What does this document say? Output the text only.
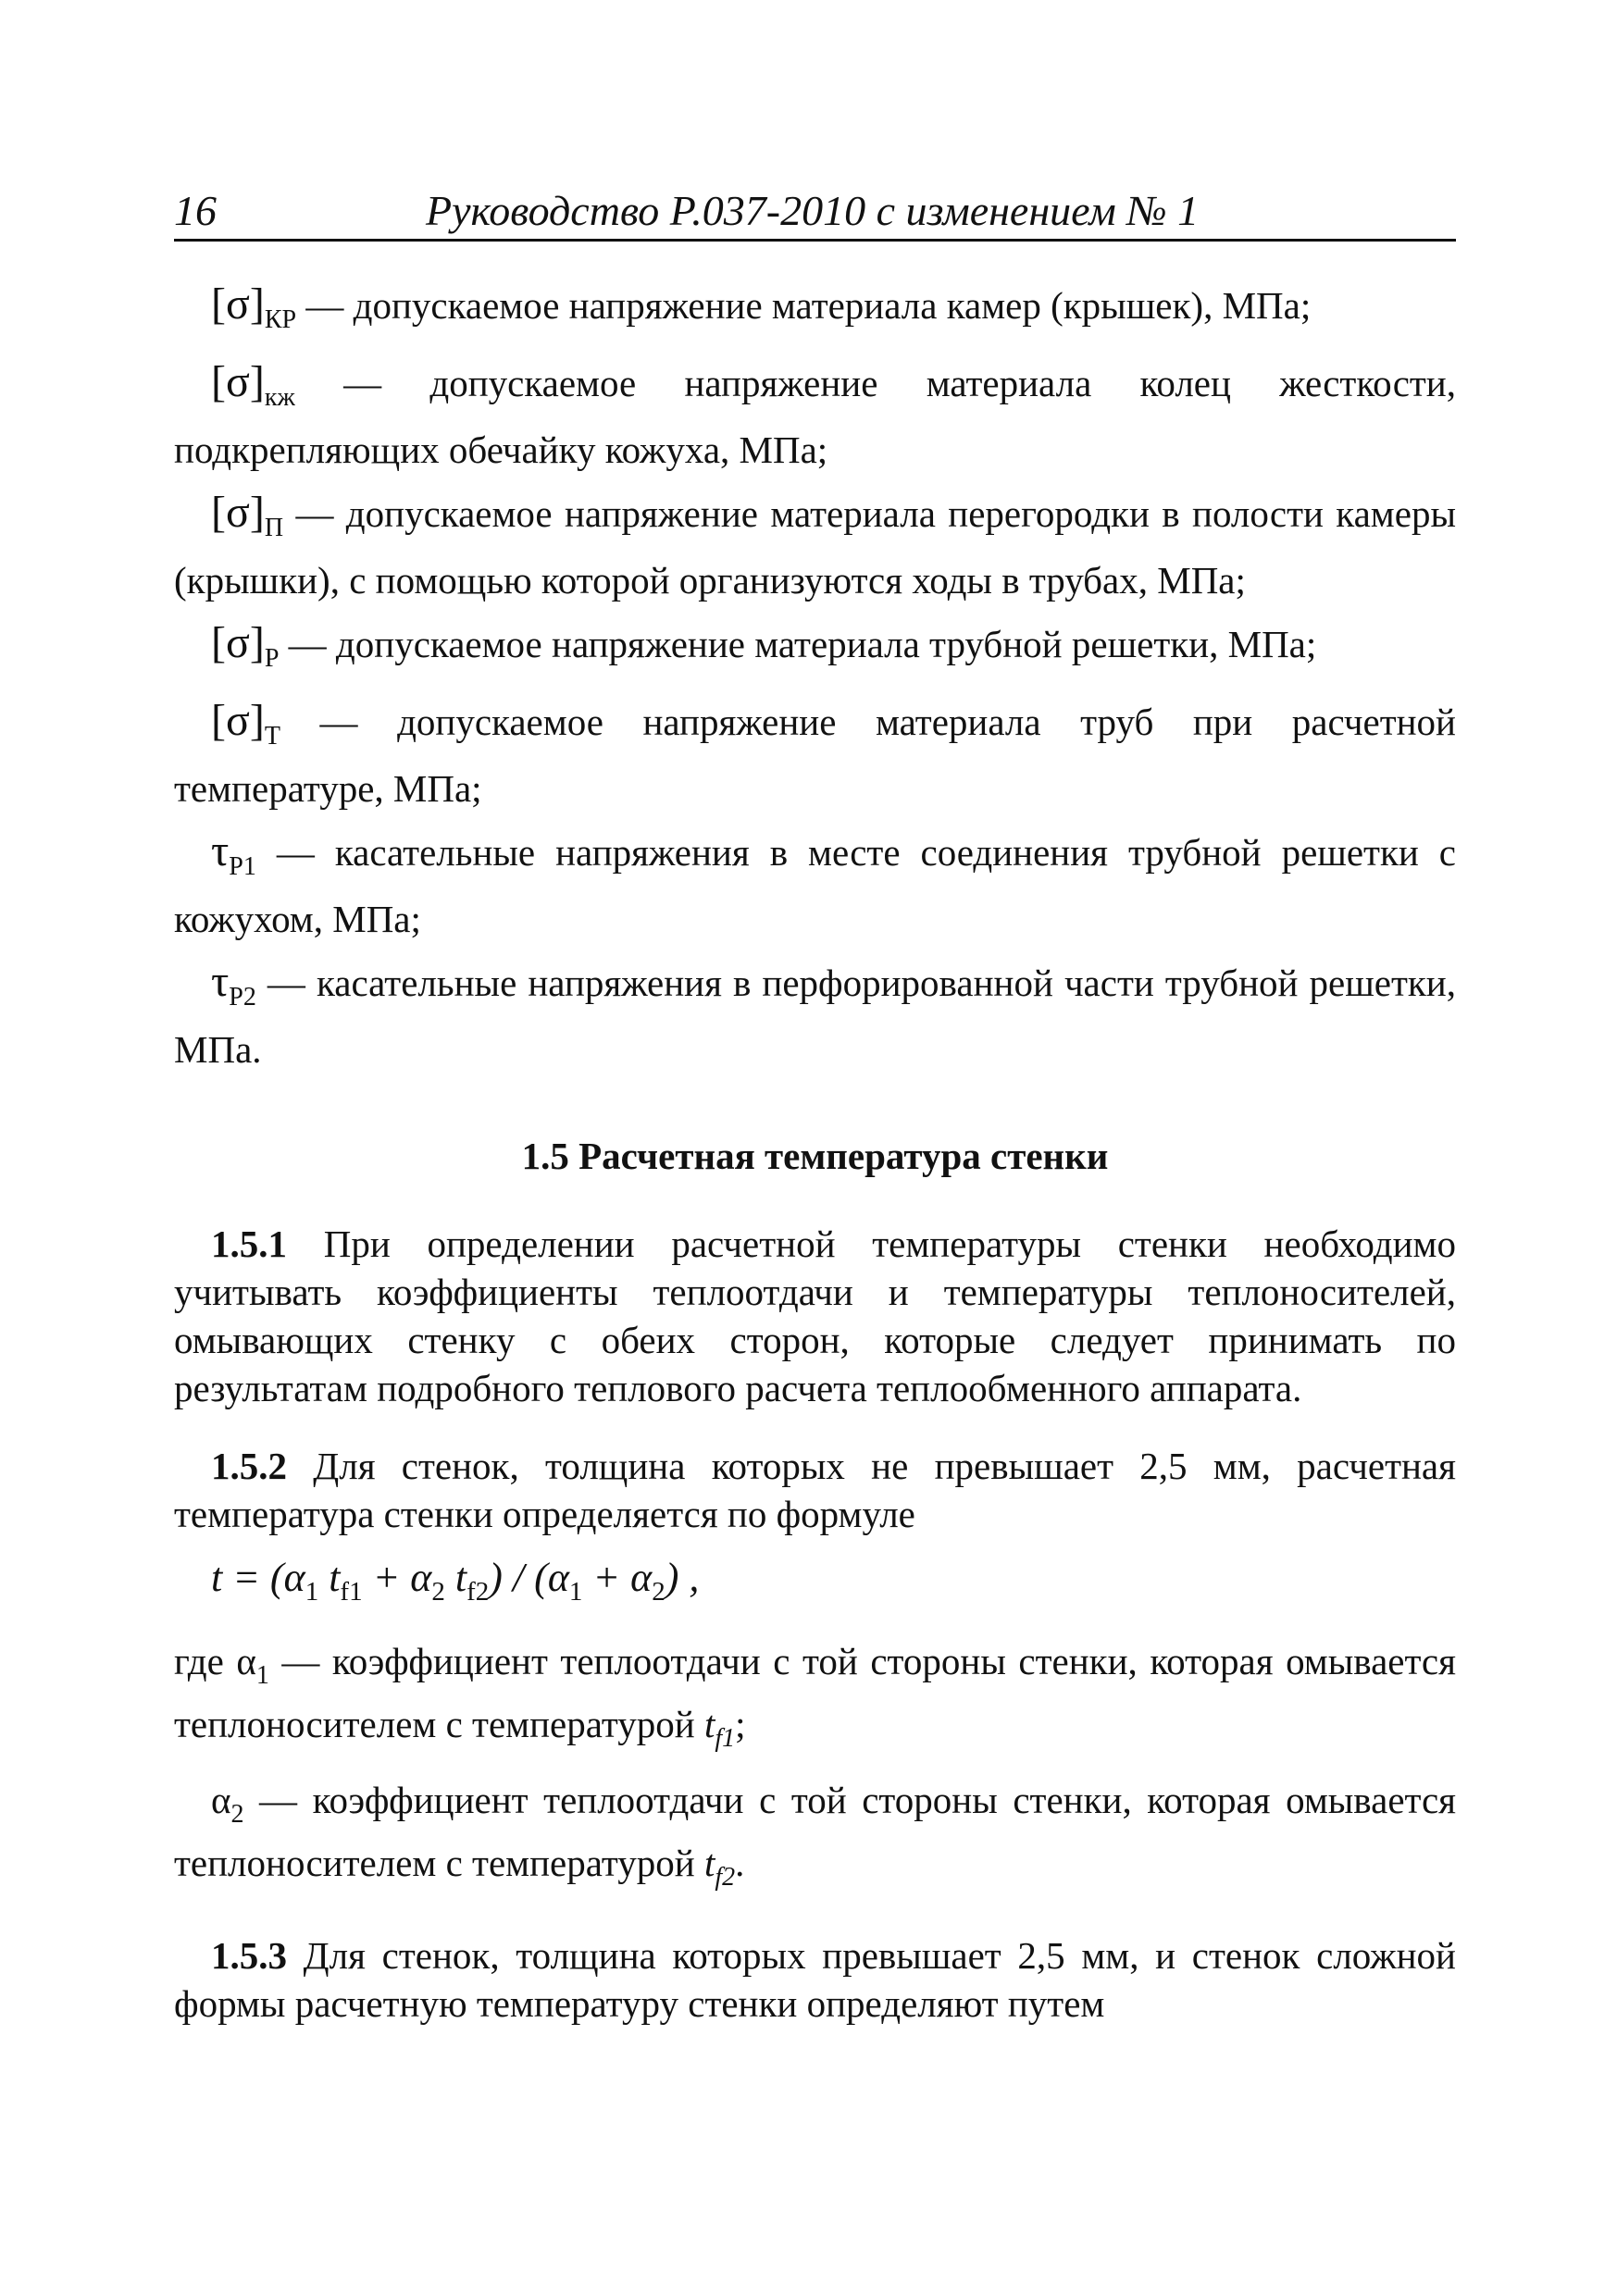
16	Руководство Р.037-2010 с изменением № 1

$[\sigma]_{КР}$ — допускаемое напряжение материала камер (крышек), МПа;

$[\sigma]_{кж}$ — допускаемое напряжение материала колец жесткости, подкрепляющих обечайку кожуха, МПа;

$[\sigma]_П$ — допускаемое напряжение материала перегородки в полости камеры (крышки), с помощью которой организуются ходы в трубах, МПа;

$[\sigma]_Р$ — допускаемое напряжение материала трубной решетки, МПа;

$[\sigma]_Т$ — допускаемое напряжение материала труб при расчетной температуре, МПа;

$\tau_{Р1}$ — касательные напряжения в месте соединения трубной решетки с кожухом, МПа;

$\tau_{Р2}$ — касательные напряжения в перфорированной части трубной решетки, МПа.

1.5 Расчетная температура стенки

1.5.1 При определении расчетной температуры стенки необходимо учитывать коэффициенты теплоотдачи и температуры теплоносителей, омывающих стенку с обеих сторон, которые следует принимать по результатам подробного теплового расчета теплообменного аппарата.

1.5.2 Для стенок, толщина которых не превышает 2,5 мм, расчетная температура стенки определяется по формуле

$t = (\alpha_1$ $t_{f1} + \alpha_2$ $t_{f2}) / (\alpha_1 + \alpha_2)$ ,

где $\alpha_1$ — коэффициент теплоотдачи с той стороны стенки, которая омывается теплоносителем с температурой $t_{f1}$;

$\alpha_2$ — коэффициент теплоотдачи с той стороны стенки, которая омывается теплоносителем с температурой $t_{f2}$.

1.5.3 Для стенок, толщина которых превышает 2,5 мм, и стенок сложной формы расчетную температуру стенки определяют путем
